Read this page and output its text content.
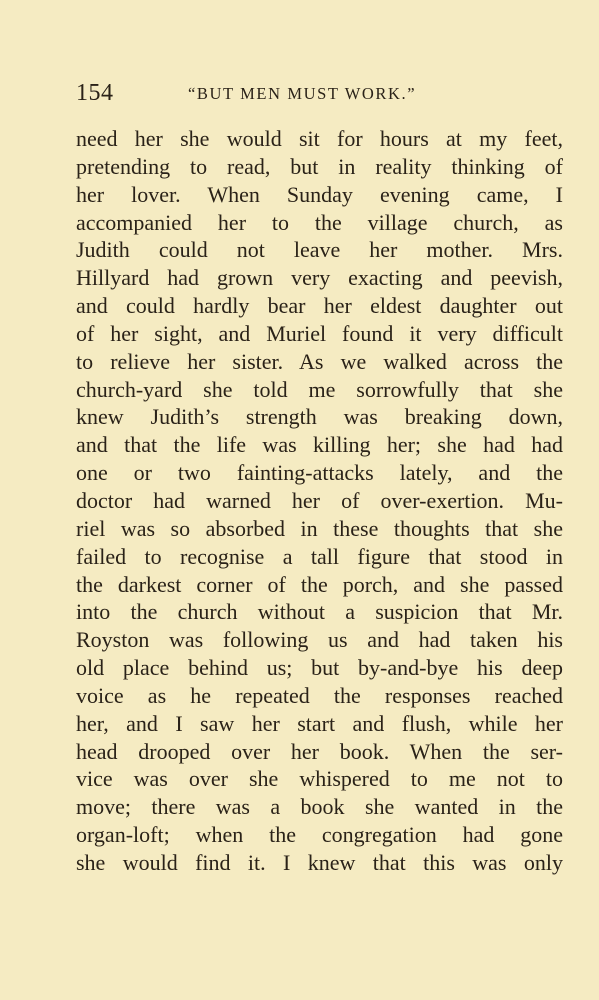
154	“BUT MEN MUST WORK.”
need her she would sit for hours at my feet,
pretending to read, but in reality thinking of
her lover. When Sunday evening came, I
accompanied her to the village church, as
Judith could not leave her mother. Mrs.
Hillyard had grown very exacting and peevish,
and could hardly bear her eldest daughter out
of her sight, and Muriel found it very difficult
to relieve her sister. As we walked across the
church-yard she told me sorrowfully that she
knew Judith’s strength was breaking down,
and that the life was killing her; she had had
one or two fainting-attacks lately, and the
doctor had warned her of over-exertion. Mu-
riel was so absorbed in these thoughts that she
failed to recognise a tall figure that stood in
the darkest corner of the porch, and she passed
into the church without a suspicion that Mr.
Royston was following us and had taken his
old place behind us; but by-and-bye his deep
voice as he repeated the responses reached
her, and I saw her start and flush, while her
head drooped over her book. When the ser-
vice was over she whispered to me not to
move; there was a book she wanted in the
organ-loft; when the congregation had gone
she would find it. I knew that this was only
